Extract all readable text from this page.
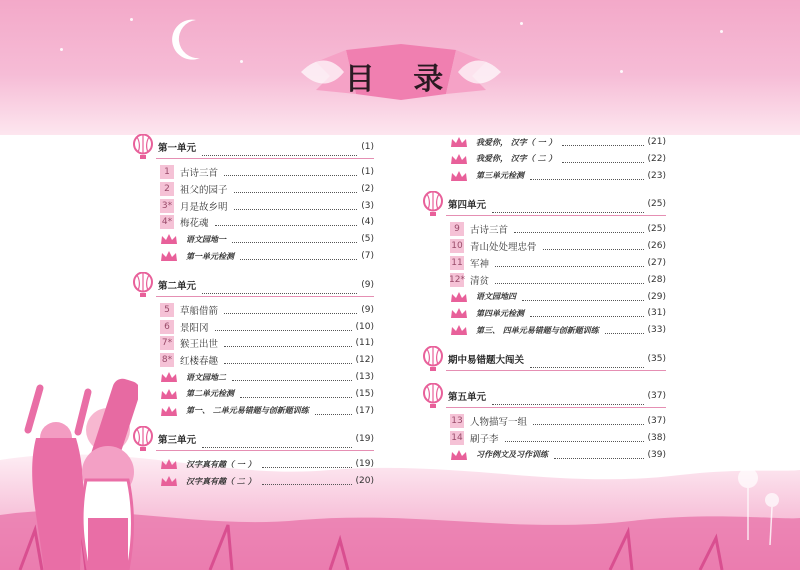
目 录
第一单元	(1)
1	古诗三首	(1)
2	祖父的园子	(2)
3* 月是故乡明	(3)
4* 梅花魂	(4)
语文园地一	(5)
第一单元检测	(7)
第二单元	(9)
5	草船借箭	(9)
6	景阳冈	(10)
7* 猴王出世	(11)
8* 红楼春趣	(12)
语文园地二	(13)
第二单元检测	(15)
第一、 二单元易错题与创新题训练	(17)
第三单元	(19)
汉字真有趣（ 一 ）	(19)
汉字真有趣（ 二 ）	(20)
我爱你， 汉字（ 一 ）	(21)
我爱你， 汉字（ 二 ）	(22)
第三单元检测	(23)
第四单元	(25)
9	古诗三首	(25)
10 青山处处埋忠骨	(26)
11 军神	(27)
12* 清贫	(28)
语文园地四	(29)
第四单元检测	(31)
第三、 四单元易错题与创新题训练	(33)
期中易错题大闯关	(35)
第五单元	(37)
13 人物描写一组	(37)
14 刷子李	(38)
习作例文及习作训练	(39)
